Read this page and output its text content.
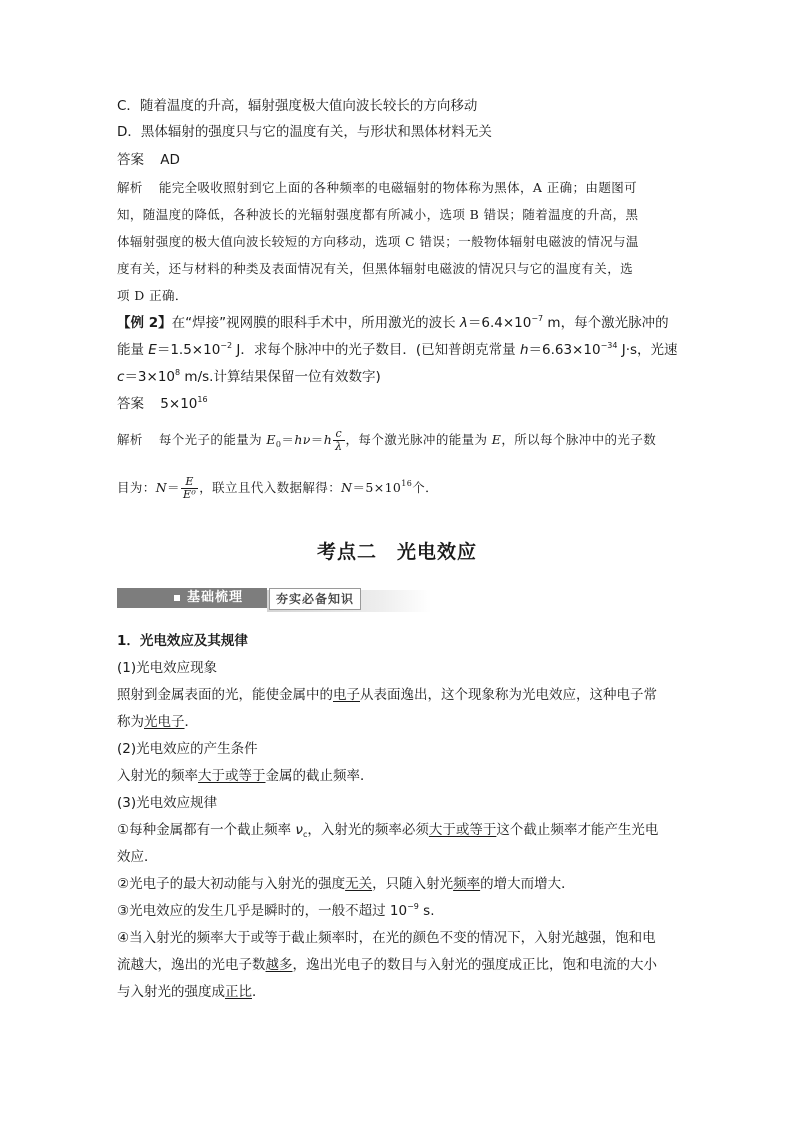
C．随着温度的升高，辐射强度极大值向波长较长的方向移动
D．黑体辐射的强度只与它的温度有关，与形状和黑体材料无关
答案 AD
解析 能完全吸收照射到它上面的各种频率的电磁辐射的物体称为黑体，A 正确；由题图可
知，随温度的降低，各种波长的光辐射强度都有所减小，选项 B 错误；随着温度的升高，黑
体辐射强度的极大值向波长较短的方向移动，选项 C 错误；一般物体辐射电磁波的情况与温
度有关，还与材料的种类及表面情况有关，但黑体辐射电磁波的情况只与它的温度有关，选
项 D 正确．
【例 2】在“焊接”视网膜的眼科手术中，所用激光的波长 $\lambda=6.4\times 10^{-7}$ m，每个激光脉冲的
能量 $E=1.5\times 10^{-2}$ J．求每个脉冲中的光子数目．(已知普朗克常量 $h=6.63\times 10^{-34}$ J·s，光速
$c=3\times 10^8$ m/s.计算结果保留一位有效数字)
答案 $5\times 10^{16}$
解析 每个光子的能量为 $E_0=h\nu=h \frac{c}{\lambda}$ ，每个激光脉冲的能量为 E，所以每个脉冲中的光子数
目为：$N= \frac{E}{\text{E⁰}}$ ，联立且代入数据解得：$N=5\times 10^{16}$个．
考点二　光电效应
基础梳理	夯实必备知识
1．光电效应及其规律
(1)光电效应现象
照射到金属表面的光，能使金属中的电子从表面逸出，这个现象称为光电效应，这种电子常
称为光电子．
(2)光电效应的产生条件
入射光的频率大于或等于金属的截止频率．
(3)光电效应规律
①每种金属都有一个截止频率 $\nu_c$，入射光的频率必须大于或等于这个截止频率才能产生光电
效应．
②光电子的最大初动能与入射光的强度无关，只随入射光频率的增大而增大．
③光电效应的发生几乎是瞬时的，一般不超过 $10^{-9}$ s.
④当入射光的频率大于或等于截止频率时，在光的颜色不变的情况下，入射光越强，饱和电
流越大，逸出的光电子数越多，逸出光电子的数目与入射光的强度成正比，饱和电流的大小
与入射光的强度成正比．
